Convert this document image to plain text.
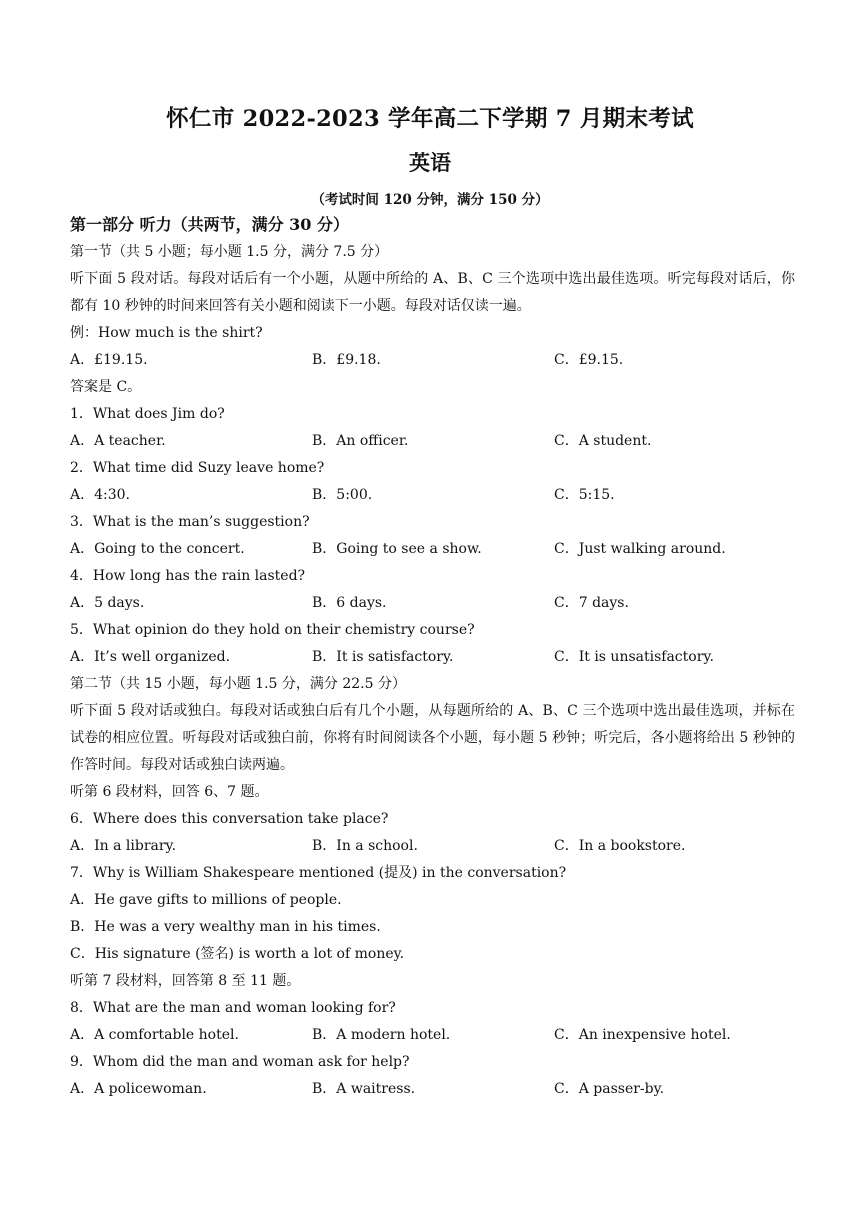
怀仁市 2022-2023 学年高二下学期 7 月期末考试
英语
（考试时间 120 分钟，满分 150 分）
第一部分 听力（共两节，满分 30 分）
第一节（共 5 小题；每小题 1.5 分，满分 7.5 分）
听下面 5 段对话。每段对话后有一个小题，从题中所给的 A、B、C 三个选项中选出最佳选项。听完每段对话后，你都有 10 秒钟的时间来回答有关小题和阅读下一小题。每段对话仅读一遍。
例：How much is the shirt?
A．£19.15.	B．£9.18.	C．£9.15.
答案是 C。
1．What does Jim do?
A．A teacher.	B．An officer.	C．A student.
2．What time did Suzy leave home?
A．4:30.	B．5:00.	C．5:15.
3．What is the man’s suggestion?
A．Going to the concert.	B．Going to see a show.	C．Just walking around.
4．How long has the rain lasted?
A．5 days.	B．6 days.	C．7 days.
5．What opinion do they hold on their chemistry course?
A．It’s well organized.	B．It is satisfactory.	C．It is unsatisfactory.
第二节（共 15 小题，每小题 1.5 分，满分 22.5 分）
听下面 5 段对话或独白。每段对话或独白后有几个小题，从每题所给的 A、B、C 三个选项中选出最佳选项，并标在试卷的相应位置。听每段对话或独白前，你将有时间阅读各个小题，每小题 5 秒钟；听完后，各小题将给出 5 秒钟的作答时间。每段对话或独白读两遍。
听第 6 段材料，回答 6、7 题。
6．Where does this conversation take place?
A．In a library.	B．In a school.	C．In a bookstore.
7．Why is William Shakespeare mentioned (提及) in the conversation?
A．He gave gifts to millions of people.
B．He was a very wealthy man in his times.
C．His signature (签名) is worth a lot of money.
听第 7 段材料，回答第 8 至 11 题。
8．What are the man and woman looking for?
A．A comfortable hotel.	B．A modern hotel.	C．An inexpensive hotel.
9．Whom did the man and woman ask for help?
A．A policewoman.	B．A waitress.	C．A passer-by.
